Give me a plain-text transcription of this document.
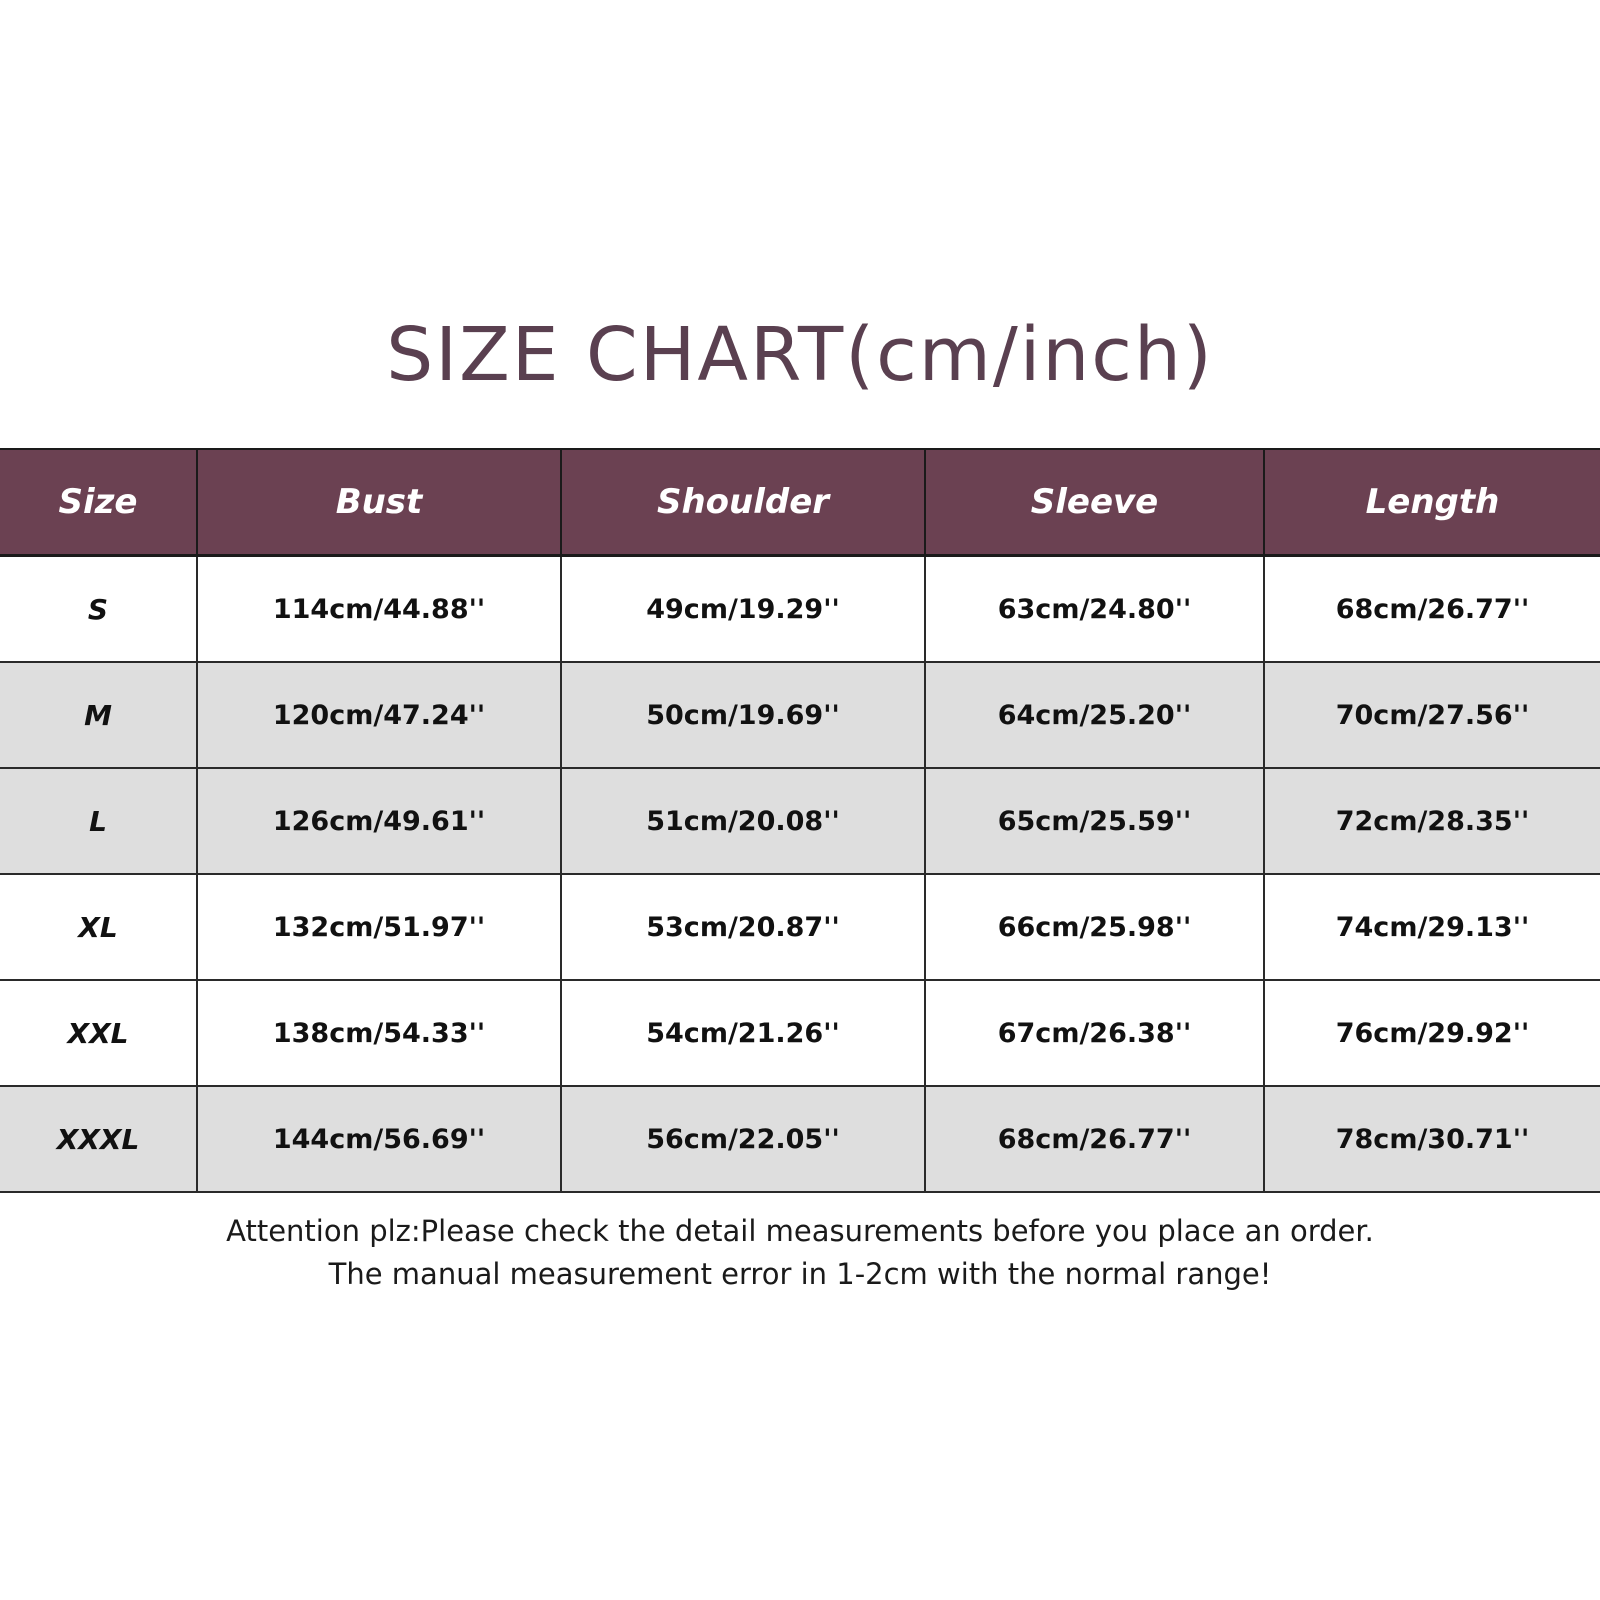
SIZE CHART(cm/inch)
Size	Bust	Shoulder	Sleeve	Length
S	114cm/44.88''	49cm/19.29''	63cm/24.80''	68cm/26.77''
M	120cm/47.24''	50cm/19.69''	64cm/25.20''	70cm/27.56''
L	126cm/49.61''	51cm/20.08''	65cm/25.59''	72cm/28.35''
XL	132cm/51.97''	53cm/20.87''	66cm/25.98''	74cm/29.13''
XXL	138cm/54.33''	54cm/21.26''	67cm/26.38''	76cm/29.92''
XXXL	144cm/56.69''	56cm/22.05''	68cm/26.77''	78cm/30.71''
Attention plz:Please check the detail measurements before you place an order.
The manual measurement error in 1-2cm with the normal range!
